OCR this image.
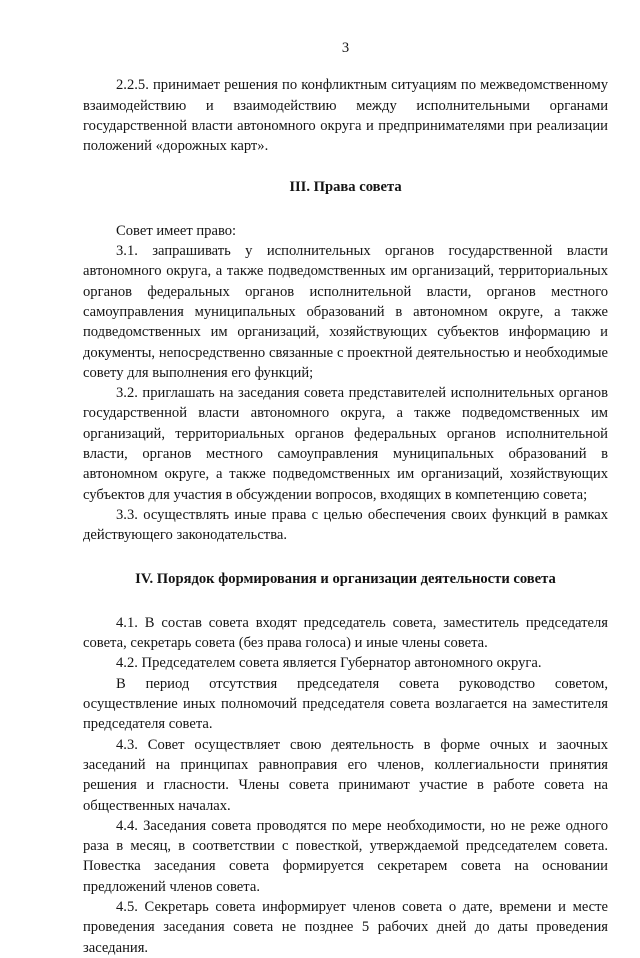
3

2.2.5. принимает решения по конфликтным ситуациям по межведомственному взаимодействию и взаимодействию между исполнительными органами государственной власти автономного округа и предпринимателями при реализации положений «дорожных карт».

III. Права совета

Совет имеет право:

3.1. запрашивать у исполнительных органов государственной власти автономного округа, а также подведомственных им организаций, территориальных органов федеральных органов исполнительной власти, органов местного самоуправления муниципальных образований в автономном округе, а также подведомственных им организаций, хозяйствующих субъектов информацию и документы, непосредственно связанные с проектной деятельностью и необходимые совету для выполнения его функций;

3.2. приглашать на заседания совета представителей исполнительных органов государственной власти автономного округа, а также подведомственных им организаций, территориальных органов федеральных органов исполнительной власти, органов местного самоуправления муниципальных образований в автономном округе, а также подведомственных им организаций, хозяйствующих субъектов для участия в обсуждении вопросов, входящих в компетенцию совета;

3.3. осуществлять иные права с целью обеспечения своих функций в рамках действующего законодательства.

IV. Порядок формирования и организации деятельности совета

4.1. В состав совета входят председатель совета, заместитель председателя совета, секретарь совета (без права голоса) и иные члены совета.

4.2. Председателем совета является Губернатор автономного округа.

В период отсутствия председателя совета руководство советом, осуществление иных полномочий председателя совета возлагается на заместителя председателя совета.

4.3. Совет осуществляет свою деятельность в форме очных и заочных заседаний на принципах равноправия его членов, коллегиальности принятия решения и гласности. Члены совета принимают участие в работе совета на общественных началах.

4.4. Заседания совета проводятся по мере необходимости, но не реже одного раза в месяц, в соответствии с повесткой, утверждаемой председателем совета. Повестка заседания совета формируется секретарем совета на основании предложений членов совета.

4.5. Секретарь совета информирует членов совета о дате, времени и месте проведения заседания совета не позднее 5 рабочих дней до даты проведения заседания.
